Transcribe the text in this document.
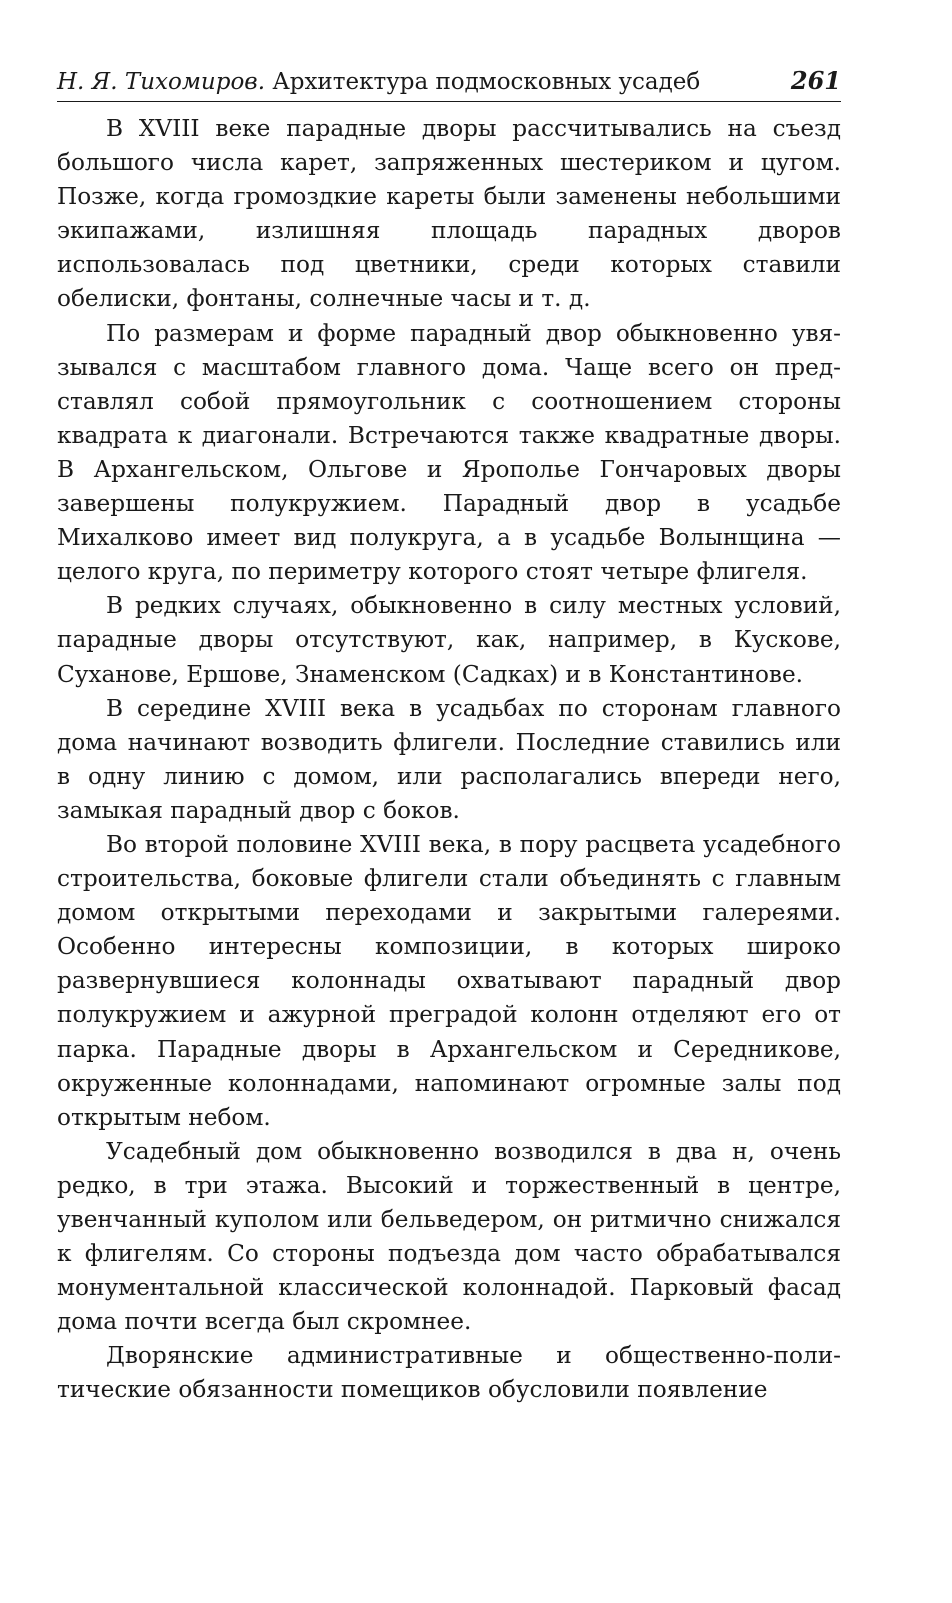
Н. Я. Тихомиров. Архитектура подмосковных усадеб	261

В XVIII веке парадные дворы рассчитывались на съезд большого числа карет, запряженных шестериком и цугом. Позже, когда громоздкие кареты были заменены небольшими экипажами, излишняя площадь парадных дворов использовалась под цветники, среди которых ставили обелиски, фонтаны, солнечные часы и т. д.

По размерам и форме парадный двор обыкновенно увязывался с масштабом главного дома. Чаще всего он представлял собой прямоугольник с соотношением стороны квадрата к диагонали. Встречаются также квадратные дворы. В Архангельском, Ольгове и Ярополье Гончаровых дворы завершены полукружием. Парадный двор в усадьбе Михалково имеет вид полукруга, а в усадьбе Волынщина — целого круга, по периметру которого стоят четыре флигеля.

В редких случаях, обыкновенно в силу местных условий, парадные дворы отсутствуют, как, например, в Кускове, Суханове, Ершове, Знаменском (Садках) и в Константинове.

В середине XVIII века в усадьбах по сторонам главного дома начинают возводить флигели. Последние ставились или в одну линию с домом, или располагались впереди него, замыкая парадный двор с боков.

Во второй половине XVIII века, в пору расцвета усадебного строительства, боковые флигели стали объединять с главным домом открытыми переходами и закрытыми галереями. Особенно интересны композиции, в которых широко развернувшиеся колоннады охватывают парадный двор полукружием и ажурной преградой колонн отделяют его от парка. Парадные дворы в Архангельском и Середникове, окруженные колоннадами, напоминают огромные залы под открытым небом.

Усадебный дом обыкновенно возводился в два н, очень редко, в три этажа. Высокий и торжественный в центре, увенчанный куполом или бельведером, он ритмично снижался к флигелям. Со стороны подъезда дом часто обрабатывался монументальной классической колоннадой. Парковый фасад дома почти всегда был скромнее.

Дворянские административные и общественно-политические обязанности помещиков обусловили появление
